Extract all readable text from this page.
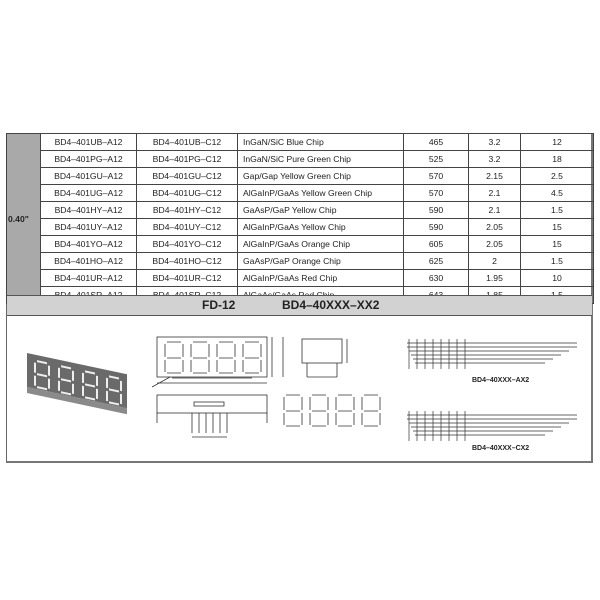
0.40"	BD4–401UB–A12	BD4–401UB–C12	InGaN/SiC Blue Chip	465	3.2	12
	BD4–401PG–A12	BD4–401PG–C12	InGaN/SiC Pure Green Chip	525	3.2	18
	BD4–401GU–A12	BD4–401GU–C12	Gap/Gap Yellow Green Chip	570	2.15	2.5
	BD4–401UG–A12	BD4–401UG–C12	AlGaInP/GaAs Yellow Green Chip	570	2.1	4.5
	BD4–401HY–A12	BD4–401HY–C12	GaAsP/GaP Yellow Chip	590	2.1	1.5
	BD4–401UY–A12	BD4–401UY–C12	AlGaInP/GaAs Yellow Chip	590	2.05	15
	BD4–401YO–A12	BD4–401YO–C12	AlGaInP/GaAs Orange Chip	605	2.05	15
	BD4–401HO–A12	BD4–401HO–C12	GaAsP/GaP Orange Chip	625	2	1.5
	BD4–401UR–A12	BD4–401UR–C12	AlGaInP/GaAs Red Chip	630	1.95	10

FD-12	BD4–40XXX–XX2
BD4–40XXX–AX2
BD4–40XXX–CX2
